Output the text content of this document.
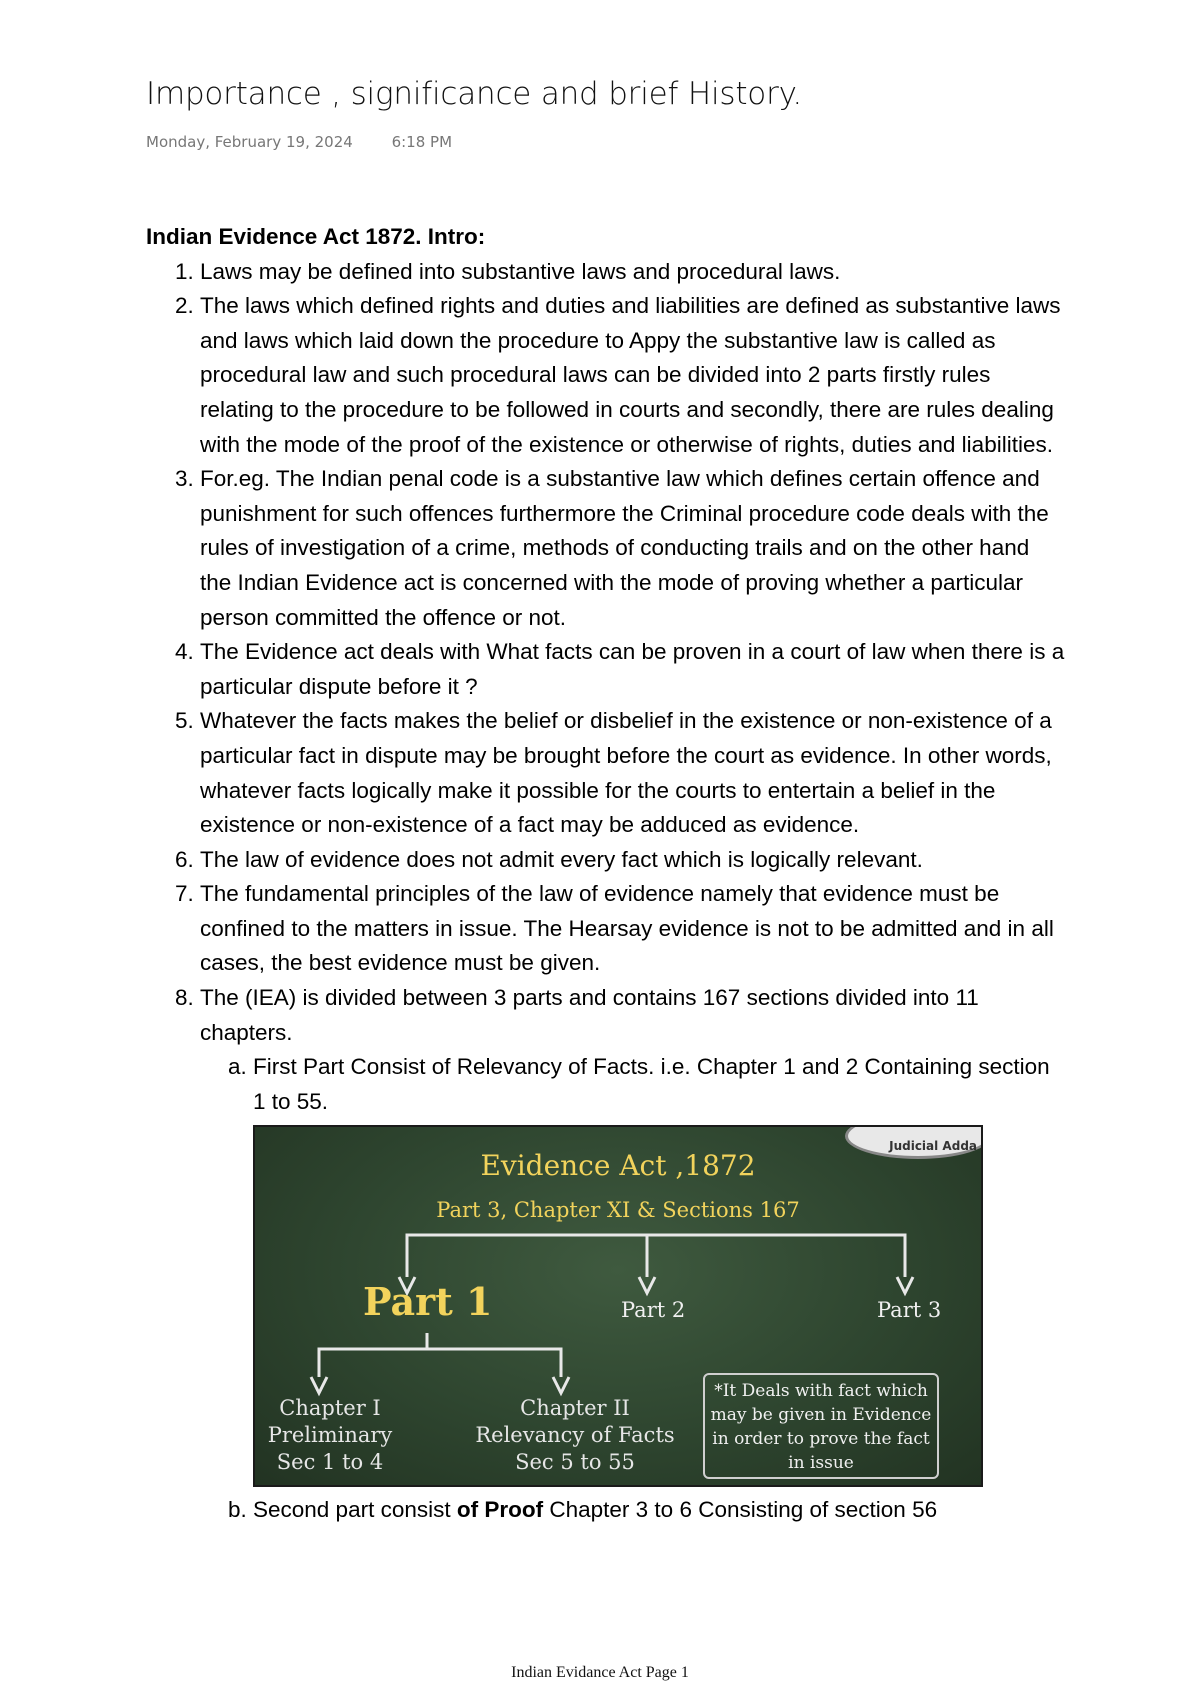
Importance , significance and brief History.
Monday, February 19, 2024	6:18 PM
Indian Evidence Act 1872. Intro:
1. Laws may be defined into substantive laws and procedural laws.
2. The laws which defined rights and duties and liabilities are defined as substantive laws and laws which laid down the procedure to Appy the substantive law is called as procedural law and such procedural laws can be divided into 2 parts firstly rules relating to the procedure to be followed in courts and secondly, there are rules dealing with the mode of the proof of the existence or otherwise of rights, duties and liabilities.
3. For.eg. The Indian penal code is a substantive law which defines certain offence and punishment for such offences furthermore the Criminal procedure code deals with the rules of investigation of a crime, methods of conducting trails and on the other hand the Indian Evidence act is concerned with the mode of proving whether a particular person committed the offence or not.
4. The Evidence act deals with What facts can be proven in a court of law when there is a particular dispute before it ?
5. Whatever the facts makes the belief or disbelief in the existence or non-existence of a particular fact in dispute may be brought before the court as evidence. In other words, whatever facts logically make it possible for the courts to entertain a belief in the existence or non-existence of a fact may be adduced as evidence.
6. The law of evidence does not admit every fact which is logically relevant.
7. The fundamental principles of the law of evidence namely that evidence must be confined to the matters in issue. The Hearsay evidence is not to be admitted and in all cases, the best evidence must be given.
8. The (IEA) is divided between 3 parts and contains 167 sections divided into 11 chapters.
a. First Part Consist of Relevancy of Facts. i.e. Chapter 1 and 2 Containing section 1 to 55.
Judicial Adda
Evidence Act ,1872
Part 3, Chapter XI & Sections 167
Part 1	Part 2	Part 3
Chapter I
Preliminary
Sec 1 to 4
Chapter II
Relevancy of Facts
Sec 5 to 55
*It Deals with fact which may be given in Evidence in order to prove the fact in issue
b. Second part consist of Proof Chapter 3 to 6 Consisting of section 56
Indian Evidance Act Page 1
